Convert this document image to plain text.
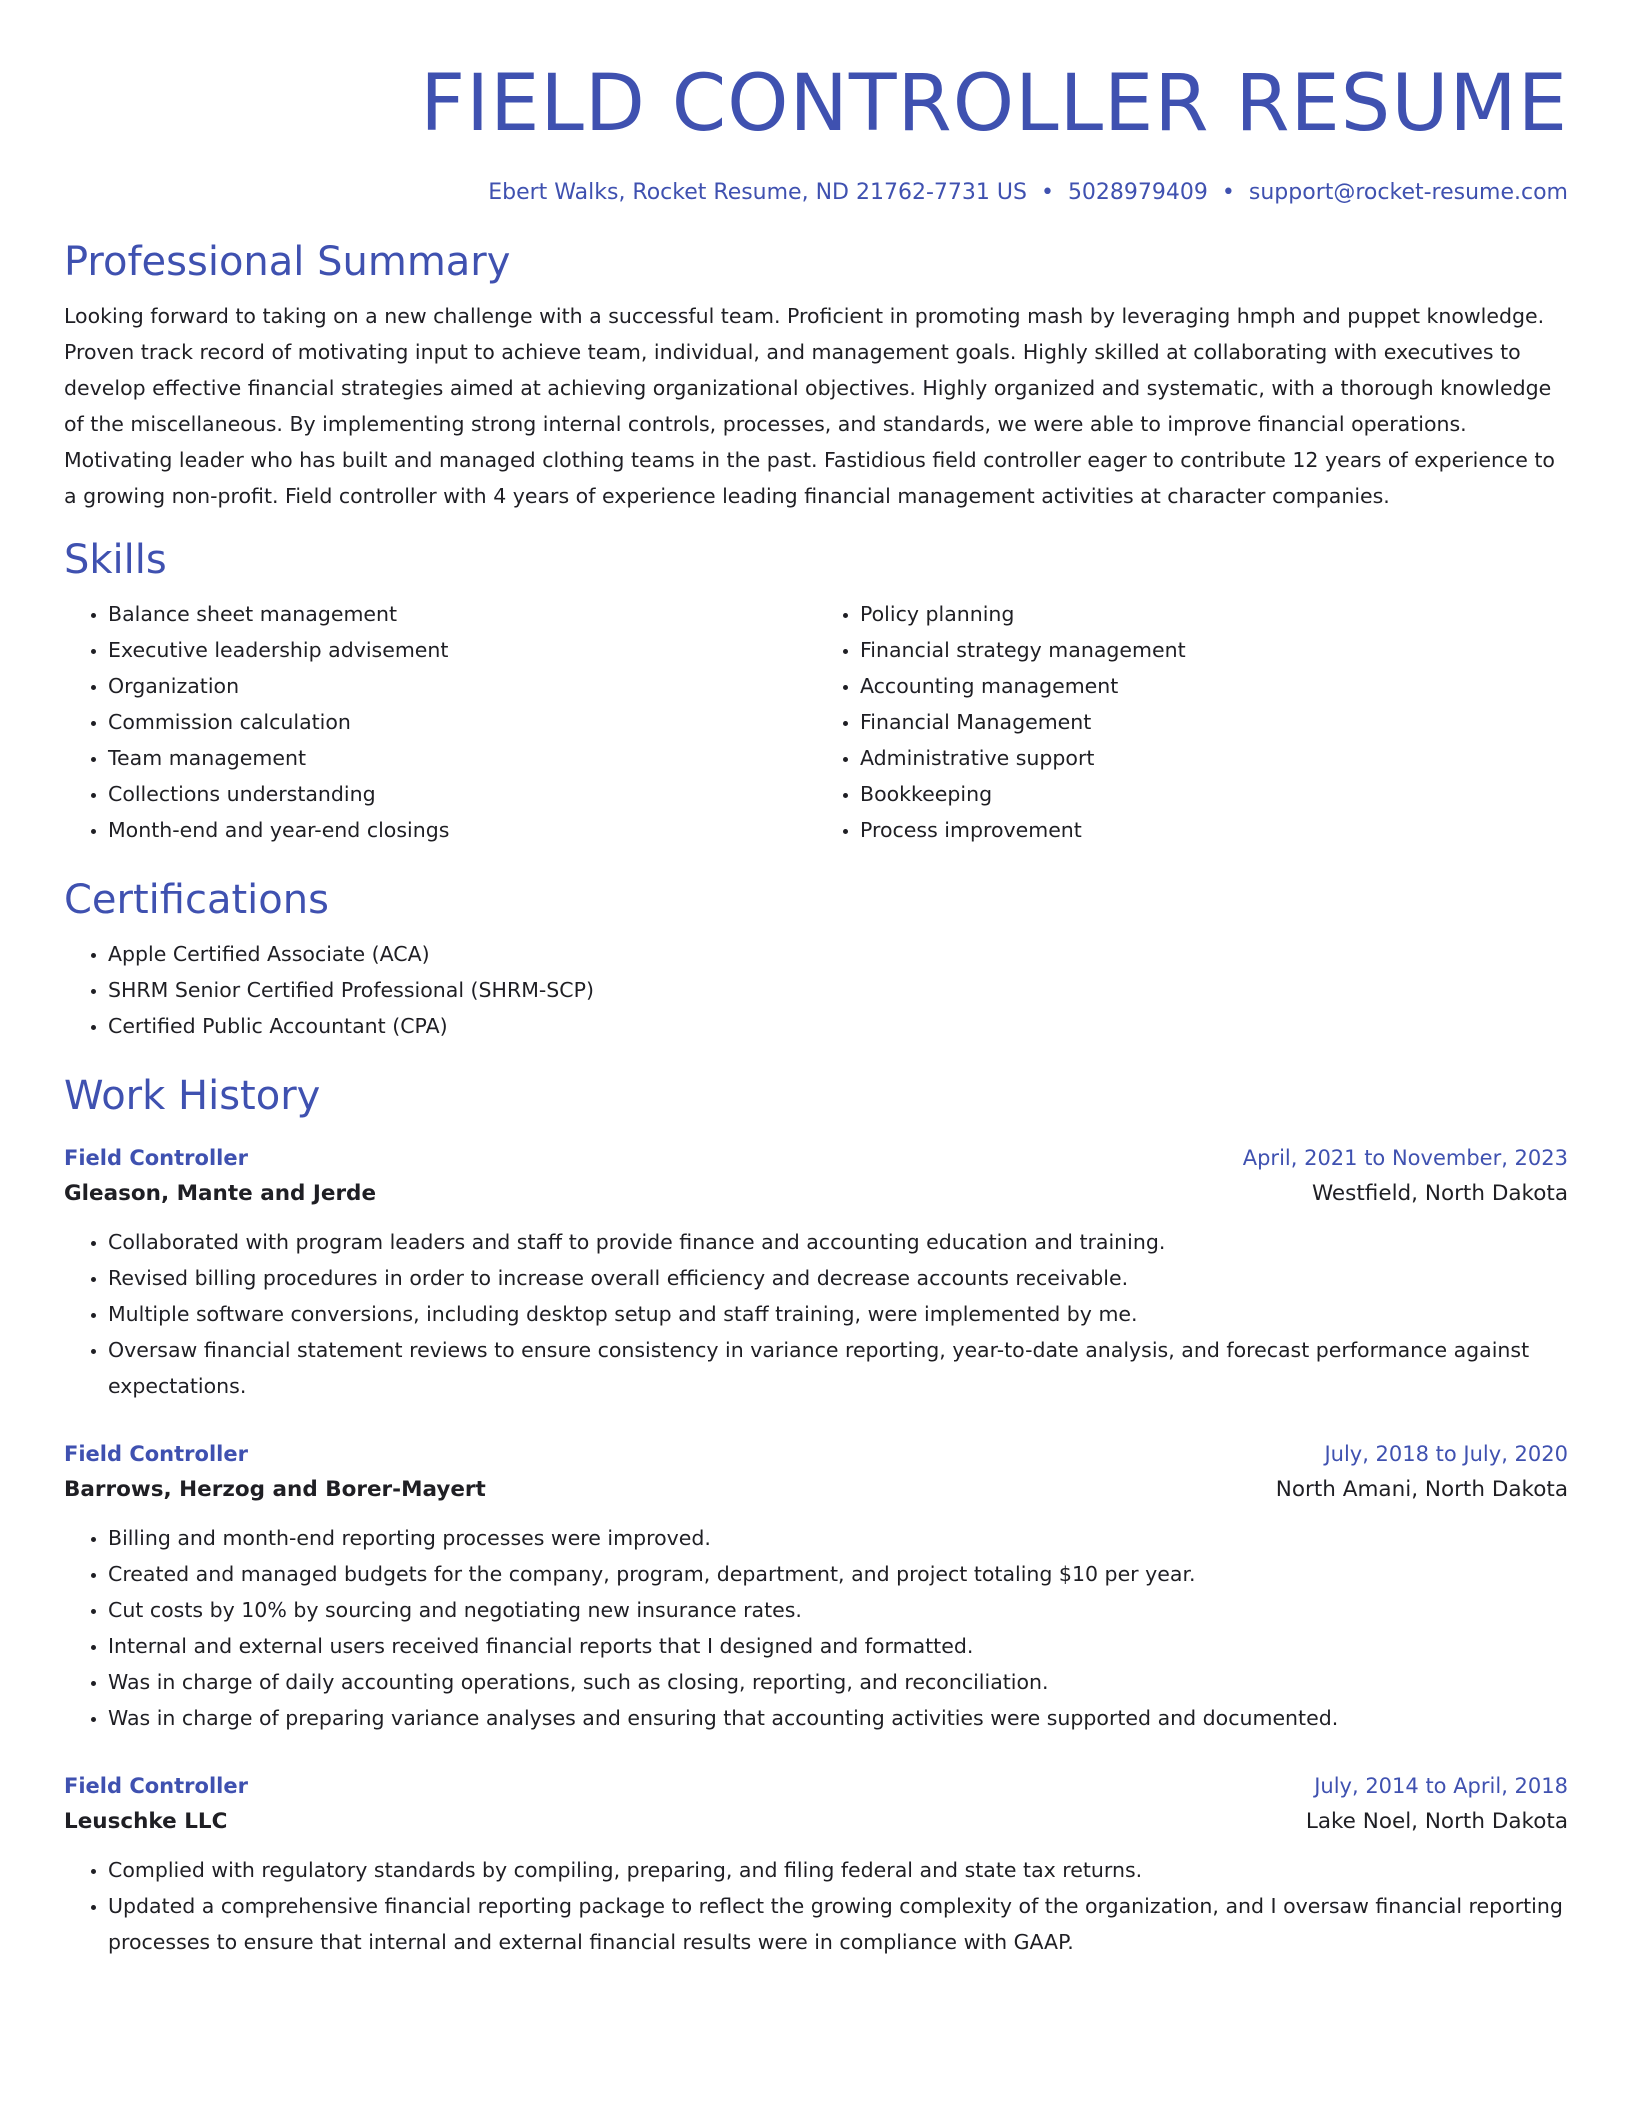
FIELD CONTROLLER RESUME
Ebert Walks, Rocket Resume, ND 21762-7731 US • 5028979409 • support@rocket-resume.com
Professional Summary

Looking forward to taking on a new challenge with a successful team. Proficient in promoting mash by leveraging hmph and puppet knowledge. Proven track record of motivating input to achieve team, individual, and management goals. Highly skilled at collaborating with executives to develop effective financial strategies aimed at achieving organizational objectives. Highly organized and systematic, with a thorough knowledge of the miscellaneous. By implementing strong internal controls, processes, and standards, we were able to improve financial operations. Motivating leader who has built and managed clothing teams in the past. Fastidious field controller eager to contribute 12 years of experience to a growing non-profit. Field controller with 4 years of experience leading financial management activities at character companies.

Skills
• Balance sheet management
• Executive leadership advisement
• Organization
• Commission calculation
• Team management
• Collections understanding
• Month-end and year-end closings
• Policy planning
• Financial strategy management
• Accounting management
• Financial Management
• Administrative support
• Bookkeeping
• Process improvement
Certifications
• Apple Certified Associate (ACA)
• SHRM Senior Certified Professional (SHRM-SCP)
• Certified Public Accountant (CPA)
Work History
Field Controller	April, 2021 to November, 2023
Gleason, Mante and Jerde	Westfield, North Dakota
• Collaborated with program leaders and staff to provide finance and accounting education and training.
• Revised billing procedures in order to increase overall efficiency and decrease accounts receivable.
• Multiple software conversions, including desktop setup and staff training, were implemented by me.
• Oversaw financial statement reviews to ensure consistency in variance reporting, year-to-date analysis, and forecast performance against expectations.
Field Controller	July, 2018 to July, 2020
Barrows, Herzog and Borer-Mayert	North Amani, North Dakota
• Billing and month-end reporting processes were improved.
• Created and managed budgets for the company, program, department, and project totaling $10 per year.
• Cut costs by 10% by sourcing and negotiating new insurance rates.
• Internal and external users received financial reports that I designed and formatted.
• Was in charge of daily accounting operations, such as closing, reporting, and reconciliation.
• Was in charge of preparing variance analyses and ensuring that accounting activities were supported and documented.
Field Controller	July, 2014 to April, 2018
Leuschke LLC	Lake Noel, North Dakota
• Complied with regulatory standards by compiling, preparing, and filing federal and state tax returns.
• Updated a comprehensive financial reporting package to reflect the growing complexity of the organization, and I oversaw financial reporting processes to ensure that internal and external financial results were in compliance with GAAP.
